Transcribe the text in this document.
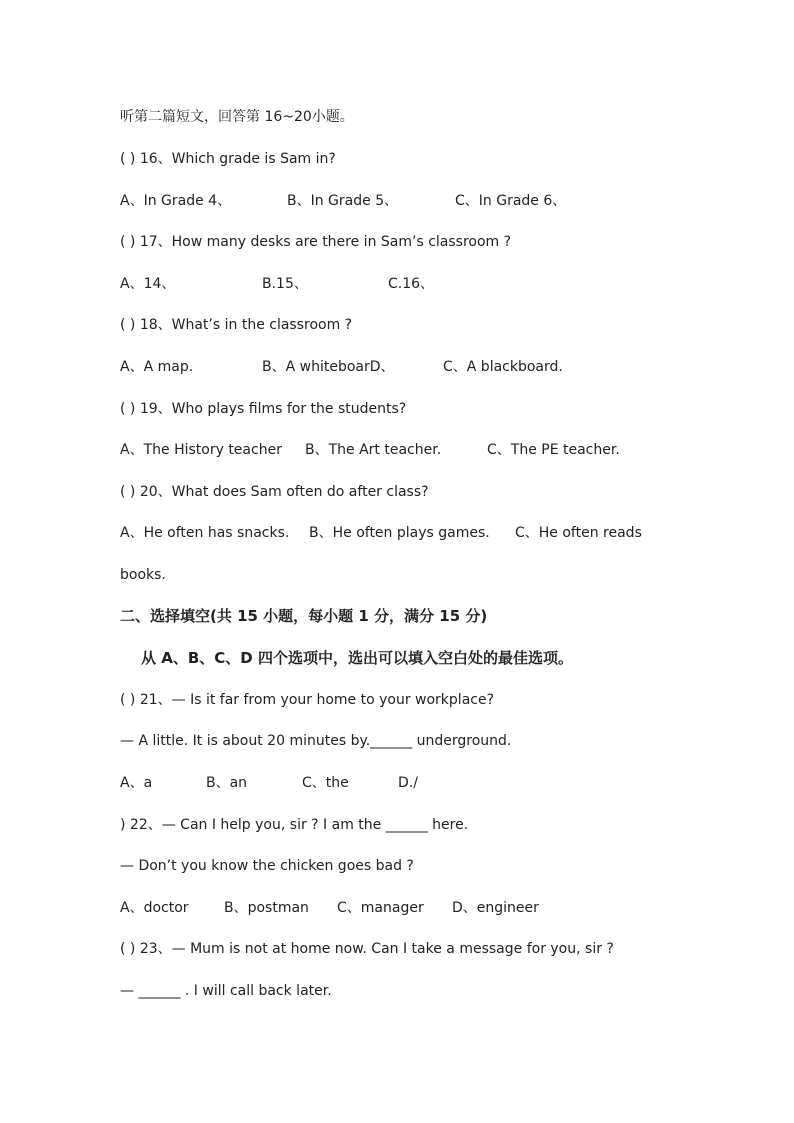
听第二篇短文，回答第 16~20小题。
( ) 16、Which grade is Sam in?
A、In Grade 4、	B、In Grade 5、	C、In Grade 6、
( ) 17、How many desks are there in Sam’s classroom ?
A、14、	B.15、	C.16、
( ) 18、What’s in the classroom ?
A、A map.	B、A whiteboarD、	C、A blackboard.
( ) 19、Who plays films for the students?
A、The History teacher B、The Art teacher.	C、The PE teacher.
( ) 20、What does Sam often do after class?
A、He often has snacks. B、He often plays games. C、He often reads
books.
二、选择填空(共 15 小题，每小题 1 分，满分 15 分)
从 A、B、C、D 四个选项中，选出可以填入空白处的最佳选项。
( ) 21、— Is it far from your home to your workplace?
— A little. It is about 20 minutes by.______ underground.
A、a	B、an	C、the	D./
) 22、— Can I help you, sir ? I am the ______ here.
— Don’t you know the chicken goes bad ?
A、doctor	B、postman C、manager D、engineer
( ) 23、— Mum is not at home now. Can I take a message for you, sir ?
— ______ . I will call back later.
